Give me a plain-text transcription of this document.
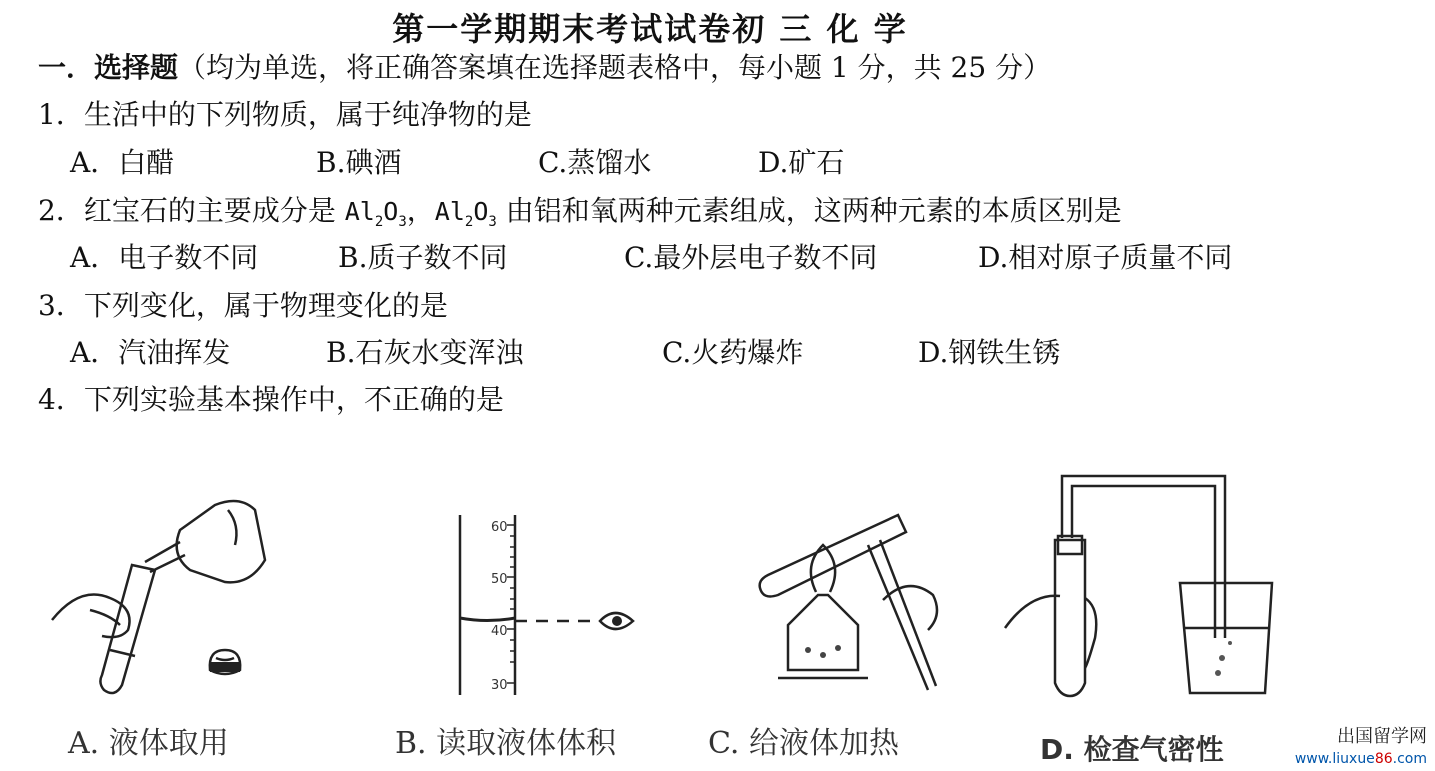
第一学期期末考试试卷初 三 化 学
一．选择题（均为单选，将正确答案填在选择题表格中，每小题 1 分，共 25 分）
1．生活中的下列物质，属于纯净物的是
A．白醋	B.碘酒	C.蒸馏水	D.矿石
2．红宝石的主要成分是 $Al_2O_3$，$Al_2O_3$ 由铝和氧两种元素组成，这两种元素的本质区别是
A．电子数不同	B.质子数不同	C.最外层电子数不同	D.相对原子质量不同
3．下列变化，属于物理变化的是
A．汽油挥发	B.石灰水变浑浊	C.火药爆炸	D.钢铁生锈
4．下列实验基本操作中，不正确的是
A. 液体取用
60
50
40
30
B. 读取液体体积	C. 给液体加热	D. 检查气密性	出国留学网
www.liuxue86.com
